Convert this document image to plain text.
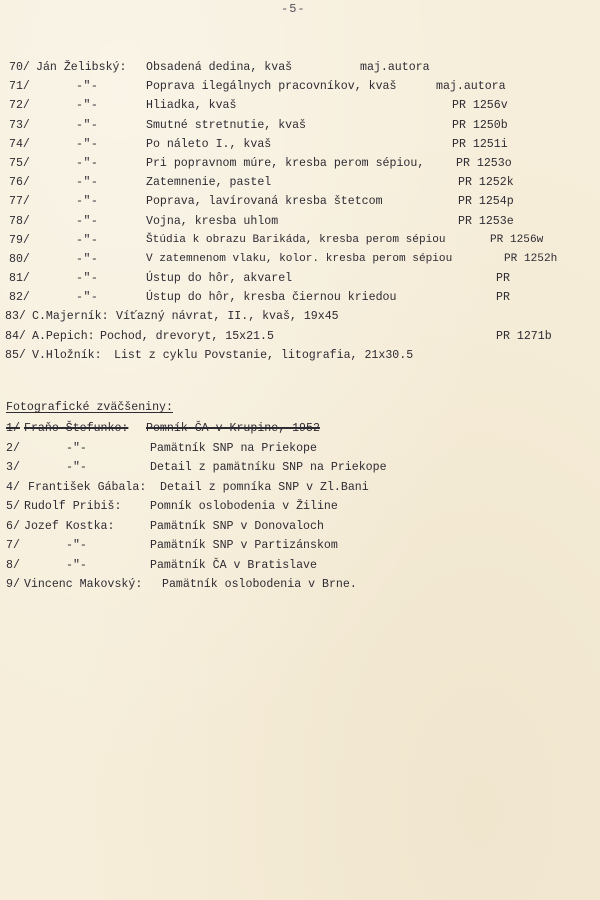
-5-
70/ Ján Želibský: Obsadená dedina, kvaš	maj.autora
71/	-"-	Poprava ilegálnych pracovníkov, kvaš	maj.autora
72/	-"-	Hliadka, kvaš	PR 1256v
73/	-"-	Smutné stretnutie, kvaš	PR 1250b
74/	-"-	Po náleto I., kvaš	PR 1251i
75/	-"-	Pri popravnom múre, kresba perom sépiou,	PR 1253o
76/	-"-	Zatemnenie, pastel	PR 1252k
77/	-"-	Poprava, lavírovaná kresba štetcom	PR 1254p
78/	-"-	Vojna, kresba uhlom	PR 1253e
79/	-"-	Štúdia k obrazu Barikáda, kresba perom sépiou	PR 1256w
80/	-"-	V zatemnenom vlaku, kolor. kresba perom sépiou	PR 1252h
81/	-"-	Ústup do hôr, akvarel	PR
82/	-"-	Ústup do hôr, kresba čiernou kriedou	PR
83/ C.Majerník: Víťazný návrat, II., kvaš, 19x45
84/ A.Pepich: Pochod, drevoryt, 15x21.5	PR 1271b
85/ V.Hložník: List z cyklu Povstanie, litografia, 21x30.5
Fotografické zväčšeniny:
1/ Fraňo Štefunko: Pomník ČA v Krupine, 1952
2/	-"-	Pamätník SNP na Priekope
3/	-"-	Detail z pamätníku SNP na Priekope
4/ František Gábala: Detail z pomníka SNP v Zl.Bani
5/ Rudolf Pribiš: Pomník oslobodenia v Žiline
6/ Jozef Kostka:	Pamätník SNP v Donovaloch
7/	-"-	Pamätník SNP v Partizánskom
8/	-"-	Pamätník ČA v Bratislave
9/ Vincenc Makovský: Pamätník oslobodenia v Brne.
